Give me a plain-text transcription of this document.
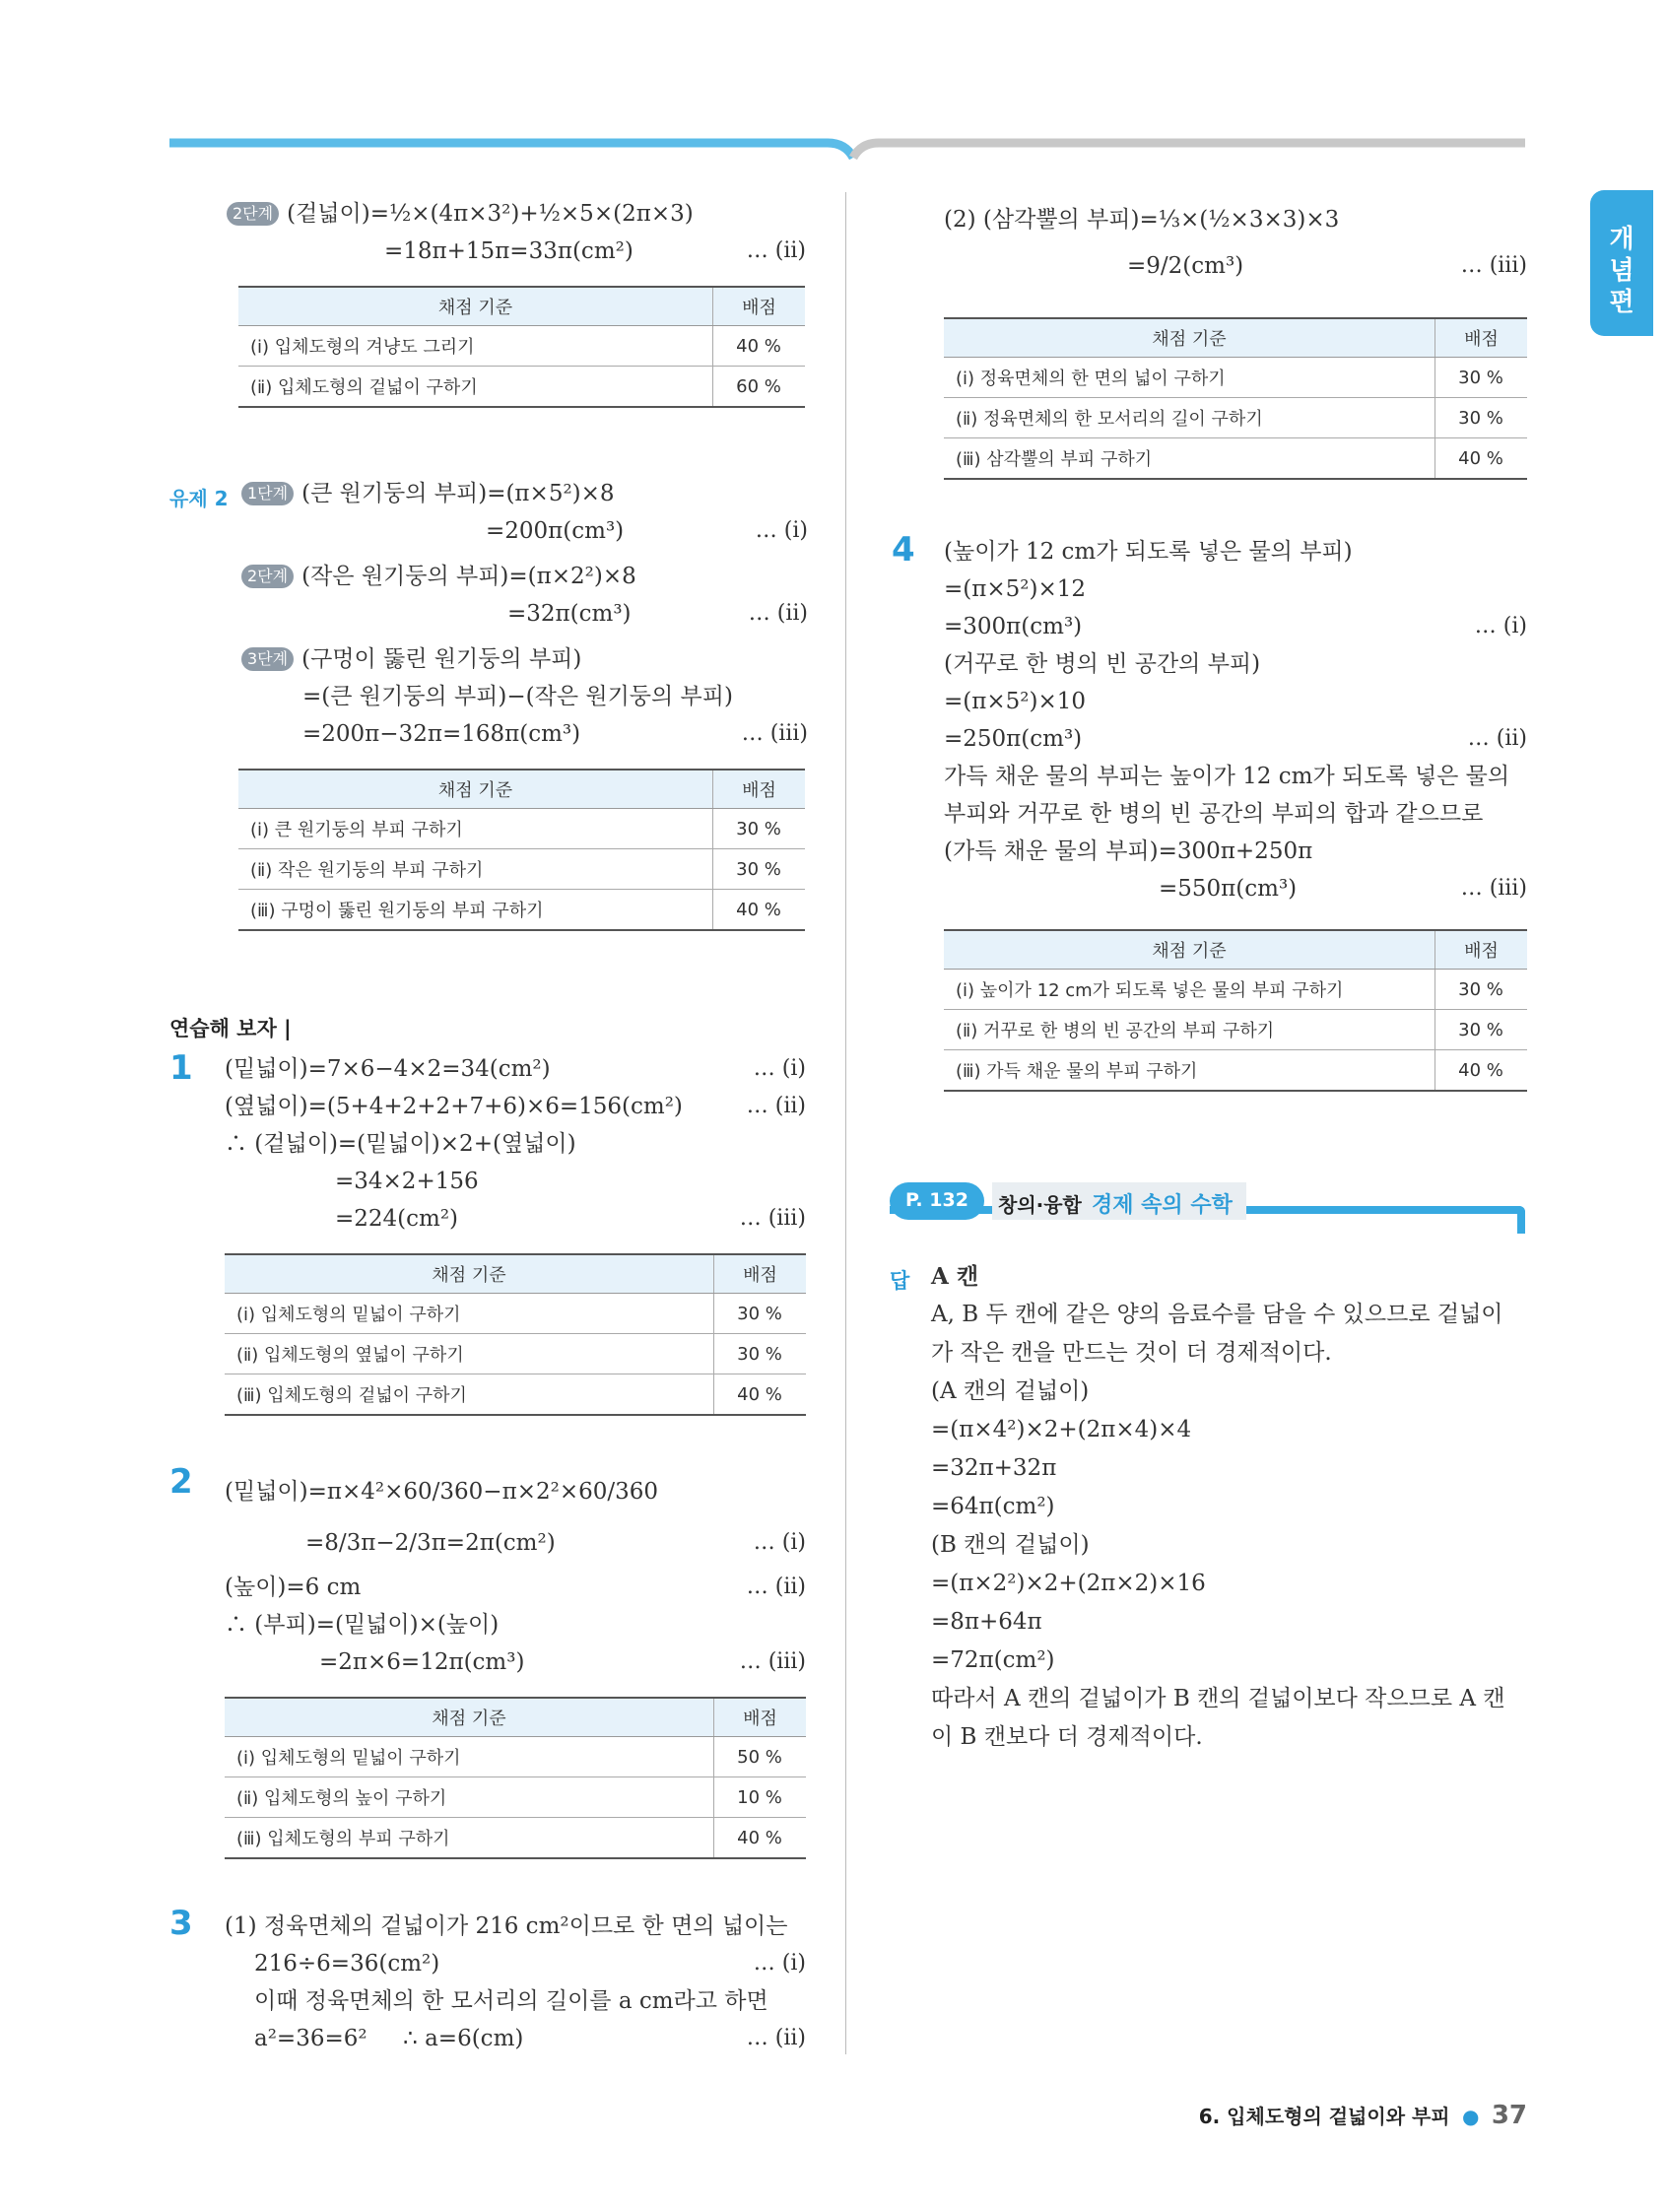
개
념
편
2단계 (겉넓이)=½×(4π×3²)+½×5×(2π×3)
=18π+15π=33π(cm²)	… (ii)
채점 기준	배점
(ⅰ) 입체도형의 겨냥도 그리기	40 %
(ⅱ) 입체도형의 겉넓이 구하기	60 %
유제 2	1단계 (큰 원기둥의 부피)=(π×5²)×8
=200π(cm³)	… (ⅰ)
2단계 (작은 원기둥의 부피)=(π×2²)×8
=32π(cm³)	… (ⅱ)
3단계 (구멍이 뚫린 원기둥의 부피)
=(큰 원기둥의 부피)−(작은 원기둥의 부피)
=200π−32π=168π(cm³)	… (ⅲ)
채점 기준	배점
(ⅰ) 큰 원기둥의 부피 구하기	30 %
(ⅱ) 작은 원기둥의 부피 구하기	30 %
(ⅲ) 구멍이 뚫린 원기둥의 부피 구하기	40 %
연습해 보자 |
1 (밑넓이)=7×6−4×2=34(cm²)	… (ⅰ)
(옆넓이)=(5+4+2+2+7+6)×6=156(cm²)	… (ⅱ)
∴ (겉넓이)=(밑넓이)×2+(옆넓이)
=34×2+156
=224(cm²)	… (ⅲ)
채점 기준	배점
(ⅰ) 입체도형의 밑넓이 구하기	30 %
(ⅱ) 입체도형의 옆넓이 구하기	30 %
(ⅲ) 입체도형의 겉넓이 구하기	40 %
2 (밑넓이)=π×4²×60/360−π×2²×60/360
=8/3π−2/3π=2π(cm²)	… (ⅰ)
(높이)=6 cm	… (ⅱ)
∴ (부피)=(밑넓이)×(높이)
=2π×6=12π(cm³)	… (ⅲ)
채점 기준	배점
(ⅰ) 입체도형의 밑넓이 구하기	50 %
(ⅱ) 입체도형의 높이 구하기	10 %
(ⅲ) 입체도형의 부피 구하기	40 %
3 (1) 정육면체의 겉넓이가 216 cm²이므로 한 면의 넓이는
216÷6=36(cm²)	… (ⅰ)
이때 정육면체의 한 모서리의 길이를 a cm라고 하면
a²=36=6²     ∴ a=6(cm)	… (ⅱ)
(2) (삼각뿔의 부피)=⅓×(½×3×3)×3
=9/2(cm³)	… (ⅲ)
채점 기준	배점
(ⅰ) 정육면체의 한 면의 넓이 구하기	30 %
(ⅱ) 정육면체의 한 모서리의 길이 구하기	30 %
(ⅲ) 삼각뿔의 부피 구하기	40 %
4 (높이가 12 cm가 되도록 넣은 물의 부피)
=(π×5²)×12
=300π(cm³)	… (ⅰ)
(거꾸로 한 병의 빈 공간의 부피)
=(π×5²)×10
=250π(cm³)	… (ⅱ)
가득 채운 물의 부피는 높이가 12 cm가 되도록 넣은 물의
부피와 거꾸로 한 병의 빈 공간의 부피의 합과 같으므로
(가득 채운 물의 부피)=300π+250π
=550π(cm³)	… (ⅲ)
채점 기준	배점
(ⅰ) 높이가 12 cm가 되도록 넣은 물의 부피 구하기	30 %
(ⅱ) 거꾸로 한 병의 빈 공간의 부피 구하기	30 %
(ⅲ) 가득 채운 물의 부피 구하기	40 %
P. 132 창의·융합 경제 속의 수학
답 A 캔
A, B 두 캔에 같은 양의 음료수를 담을 수 있으므로 겉넓이
가 작은 캔을 만드는 것이 더 경제적이다.
(A 캔의 겉넓이)
=(π×4²)×2+(2π×4)×4
=32π+32π
=64π(cm²)
(B 캔의 겉넓이)
=(π×2²)×2+(2π×2)×16
=8π+64π
=72π(cm²)
따라서 A 캔의 겉넓이가 B 캔의 겉넓이보다 작으므로 A 캔
이 B 캔보다 더 경제적이다.
6. 입체도형의 겉넓이와 부피 ● 37
